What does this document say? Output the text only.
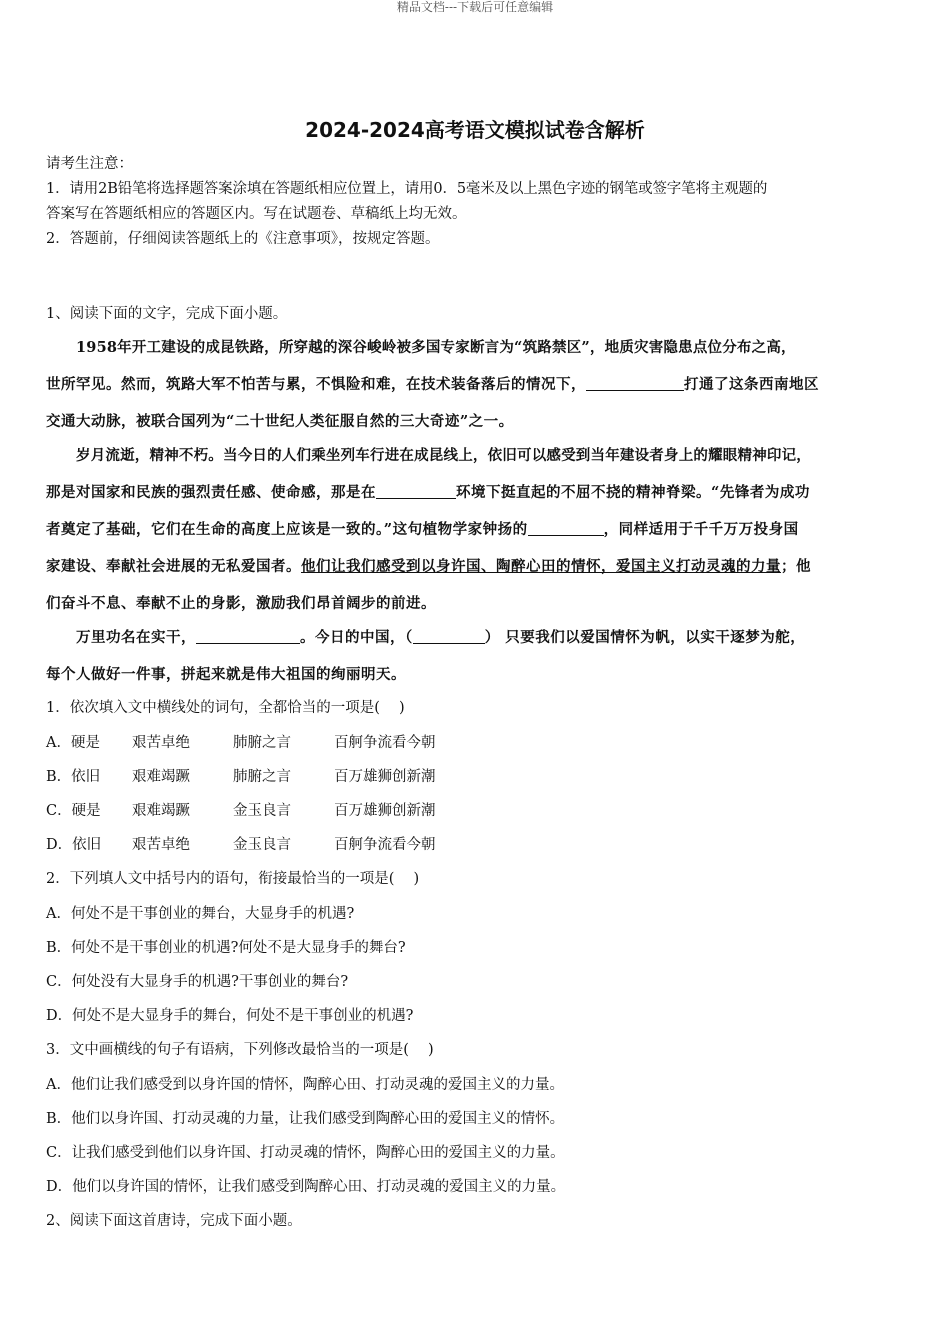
精品文档---下载后可任意编辑
2024-2024高考语文模拟试卷含解析
请考生注意：
1．请用2B铅笔将选择题答案涂填在答题纸相应位置上，请用0．5毫米及以上黑色字迹的钢笔或签字笔将主观题的
答案写在答题纸相应的答题区内。写在试题卷、草稿纸上均无效。
2．答题前，仔细阅读答题纸上的《注意事项》，按规定答题。
1、阅读下面的文字，完成下面小题。
1958年开工建设的成昆铁路，所穿越的深谷峻岭被多国专家断言为“筑路禁区”，地质灾害隐患点位分布之高，
世所罕见。然而，筑路大军不怕苦与累，不惧险和难，在技术装备落后的情况下，	打通了这条西南地区
交通大动脉，被联合国列为“二十世纪人类征服自然的三大奇迹”之一。
岁月流逝，精神不朽。当今日的人们乘坐列车行进在成昆线上，依旧可以感受到当年建设者身上的耀眼精神印记，
那是对国家和民族的强烈责任感、使命感，那是在	环境下挺直起的不屈不挠的精神脊梁。“先锋者为成功
者奠定了基础，它们在生命的高度上应该是一致的。”这句植物学家钟扬的	，同样适用于千千万万投身国
家建设、奉献社会进展的无私爱国者。他们让我们感受到以身许国、陶醉心田的情怀，爱国主义打动灵魂的力量；他
们奋斗不息、奉献不止的身影，激励我们昂首阔步的前进。
万里功名在实干，	。今日的中国，（	） 只要我们以爱国情怀为帆，以实干逐梦为舵，
每个人做好一件事，拼起来就是伟大祖国的绚丽明天。
1．依次填入文中横线处的词句，全都恰当的一项是(　 )
A．硬是 艰苦卓绝	肺腑之言	百舸争流看今朝
B．依旧 艰难竭蹶	肺腑之言	百万雄狮创新潮
C．硬是 艰难竭蹶	金玉良言	百万雄狮创新潮
D．依旧 艰苦卓绝	金玉良言	百舸争流看今朝
2．下列填人文中括号内的语句，衔接最恰当的一项是(　 )
A．何处不是干事创业的舞台，大显身手的机遇?
B．何处不是干事创业的机遇?何处不是大显身手的舞台?
C．何处没有大显身手的机遇?干事创业的舞台?
D．何处不是大显身手的舞台，何处不是干事创业的机遇?
3．文中画横线的句子有语病，下列修改最恰当的一项是(　 )
A．他们让我们感受到以身许国的情怀，陶醉心田、打动灵魂的爱国主义的力量。
B．他们以身许国、打动灵魂的力量，让我们感受到陶醉心田的爱国主义的情怀。
C．让我们感受到他们以身许国、打动灵魂的情怀，陶醉心田的爱国主义的力量。
D．他们以身许国的情怀，让我们感受到陶醉心田、打动灵魂的爱国主义的力量。
2、阅读下面这首唐诗，完成下面小题。
